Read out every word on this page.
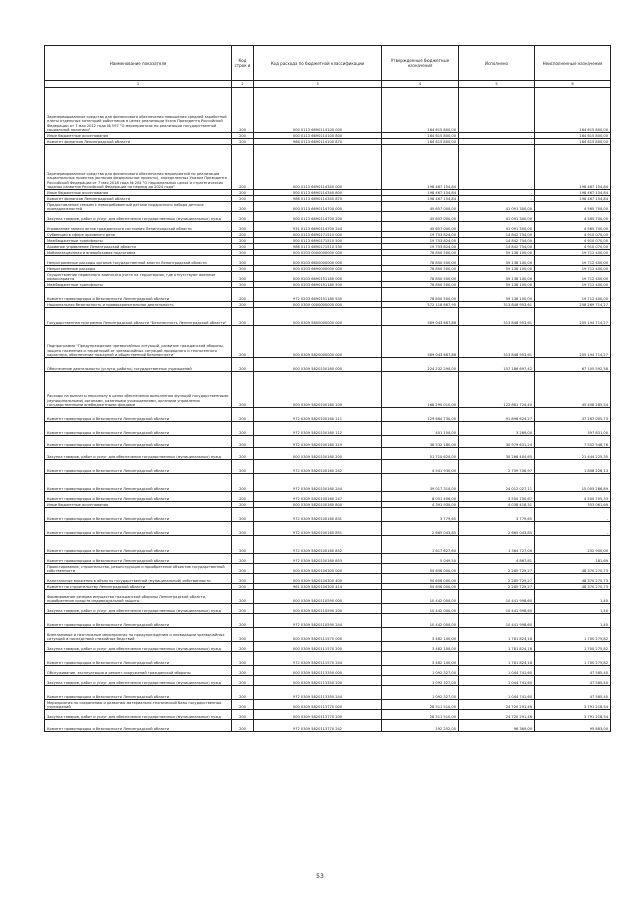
Наименование показателя	Код строк и	Код расхода по бюджетной классификации	Утвержденные бюджетные назначения	Исполнено	Неисполненные назначения
1	2	3	4	5	6
Зарезервированные средства для финансового обеспечения повышения средней заработной платы отдельных категорий работников в целях реализации Указа Президента Российской Федерации от 7 мая 2012 года № 597 "О мероприятиях по реализации государственной социальной политики"	200	000 0113 6690114100 000	164 615 800,00	-	164 615 800,00
Иные бюджетные ассигнования	200	000 0113 6690114100 800	164 615 800,00	-	164 615 800,00
Комитет финансов Ленинградской области	200	986 0113 6690114100 870	164 615 800,00	-	164 615 800,00
Зарезервированные средства для финансового обеспечения мероприятий по реализации национальных проектов (включая федеральные проекты), определенных Указом Президента Российской Федерации от 7 мая 2018 года № 204 "О национальных целях и стратегических задачах развития Российской Федерации на период до 2024 года"	200	000 0113 6690114340 000	198 467 154,84	-	198 467 154,84
Иные бюджетные ассигнования	200	000 0113 6690114340 800	198 467 154,84	-	198 467 154,84
Комитет финансов Ленинградской области	200	986 0113 6690114340 870	198 467 154,84	-	198 467 154,84
Предоставление семьям с невосребованный детьми подарочного набора детских принадлежностей	200	000 0113 6690114700 000	45 657 000,00	41 091 300,00	4 565 700,00
Закупка товаров, работ и услуг для обеспечения государственных (муниципальных) нужд	200	000 0113 6690114700 200	45 657 000,00	41 091 300,00	4 565 700,00
Управление записи актов гражданского состояния Ленинградской области	200	931 0113 6690114700 244	45 657 000,00	41 091 300,00	4 565 700,00
Субвенции в сфере архивного дела	200	000 0113 6690171510 000	19 753 824,00	14 842 754,00	4 910 070,00
Межбюджетные трансферты	200	000 0113 6690171510 500	19 753 824,00	14 842 754,00	4 910 070,00
Архивное управление Ленинградской области	200	986 0113 6690171510 530	19 753 824,00	14 842 754,00	4 910 070,00
Мобилизационная и вневойсковая подготовка	200	000 0203 0000000000 000	78 850 500,00	59 138 100,00	19 712 400,00
Непрограммные расходы органов государственной власти Ленинградской области	200	000 0203 6600000000 000	78 850 500,00	59 138 100,00	19 712 400,00
Непрограммные расходы	200	000 0203 6690000000 000	78 850 500,00	59 138 100,00	19 712 400,00
Осуществление первичного воинского учета на территориях, где отсутствуют военные комиссариаты	200	000 0203 6690151180 000	78 850 500,00	59 138 100,00	19 712 400,00
Межбюджетные трансферты	200	000 0203 6690151180 500	78 850 500,00	59 138 100,00	19 712 400,00
Комитет правопорядка и безопасности Ленинградской области	200	972 0203 6690151180 530	78 850 500,00	59 138 100,00	19 712 400,00
Национальная безопасность и правоохранительная деятельность	200	000 0300 0000000000 000	572 118 667,95	313 848 953,61	258 269 714,27
Государственная программа Ленинградской области "Безопасность Ленинградской области"	200	000 0309 5800000000 000	569 043 667,88	313 848 953,61	255 194 714,27
Подпрограмма "Предупреждение чрезвычайных ситуаций, развитие гражданской обороны, защита населения и территорий от чрезвычайных ситуаций природного и техногенного характера, обеспечение пожарной и общественной безопасности"	200	000 0309 5820000000 000	569 043 667,88	313 848 953,61	255 194 714,27
Обеспечение деятельности (услуги, работы) государственных учреждений	200	000 0309 5820100160 000	224 232 290,00	157 186 697,42	67 105 592,58
Расходы на выплаты персоналу в целях обеспечения выполнения функций государственными (муниципальными) органами, казенными учреждениями, органами управления государственными внебюджетными фондами	200	000 0309 5820100160 100	168 290 010,00	122 881 724,40	45 408 285,54
Комитет правопорядка и безопасности Ленинградской области	200	972 0309 5820100160 111	129 664 730,00	91 896 624,27	37 167 005,73
Комитет правопорядка и безопасности Ленинградской области	200	972 0309 5820100160 112	401 100,00	3 269,00	397 831,00
Комитет правопорядка и безопасности Ленинградской области	200	972 0309 5820100160 119	38 532 180,00	30 979 631,24	7 552 548,76
Закупка товаров, работ и услуг для обеспечения государственных (муниципальных) нужд	200	000 0309 5820100160 200	51 710 620,00	30 266 404,65	21 444 225,35
Комитет правопорядка и безопасности Ленинградской области	200	972 0309 5820100160 242	4 541 930,00	2 759 706,97	1 808 226,13
Комитет правопорядка и безопасности Ленинградской области	200	972 0309 5820100160 244	39 017 310,00	24 012 027,11	15 005 286,89
Комитет правопорядка и безопасности Ленинградской области	200	972 0309 5820100160 247	8 051 406,00	3 550 700,67	4 500 705,33
Иные бюджетные ассигнования	200	000 0309 5820100160 800	4 391 930,00	4 038 418,31	353 061,69
Комитет правопорядка и безопасности Ленинградской области	200	972 0309 5820100160 831	3 779,65	3 779,65	-
Комитет правопорядка и безопасности Ленинградской области	200	972 0309 5820100160 851	2 665 043,85	2 665 043,85	-
Комитет правопорядка и безопасности Ленинградской области	200	972 0309 5820100160 852	1 617 627,60	1 364 727,00	252 900,00
Комитет правопорядка и безопасности Ленинградской области	200	972 0309 5820100160 853	5 049,50	4 867,81	181,69
Проектирование, строительство, реконструкция и приобретение объектов государственной собственности	200	000 0309 5820104300 000	50 656 000,00	2 285 729,27	48 370 270,73
Капитальные вложения в объекты государственной (муниципальной) собственности	200	000 0309 5820104300 400	50 656 000,00	2 285 729,27	48 370 270,73
Комитет по строительству Ленинградской области	200	961 0309 5820104300 414	50 656 000,00	2 285 729,27	48 370 270,73
Формирование резерва имущества гражданской обороны Ленинградской области, приобретение средств индивидуальной защиты	200	000 0309 5820110590 000	10 442 000,00	10 441 998,60	1,40
Закупка товаров, работ и услуг для обеспечения государственных (муниципальных) нужд	200	000 0309 5820110590 200	10 442 000,00	10 441 998,60	1,40
Комитет правопорядка и безопасности Ленинградской области	200	972 0309 5820110590 244	10 442 000,00	10 441 998,60	1,40
Внеплановые и неотложные мероприятия по предупреждению и ликвидации чрезвычайных ситуаций и последствий стихийных бедствий	200	000 0309 5820111570 000	3 482 100,00	1 781 824,18	1 700 275,82
Закупка товаров, работ и услуг для обеспечения государственных (муниципальных) нужд	200	000 0309 5820111570 200	3 482 100,00	1 781 824,18	1 700 275,82
Комитет правопорядка и безопасности Ленинградской области	200	972 0309 5820111570 244	3 482 100,00	1 781 824,18	1 700 275,82
Обслуживание, эксплуатация и ремонт сооружений гражданской обороны	200	000 0309 5820113350 000	1 092 327,00	1 044 741,60	47 585,40
Закупка товаров, работ и услуг для обеспечения государственных (муниципальных) нужд	200	000 0309 5820113350 200	1 092 327,00	1 044 741,60	47 585,40
Комитет правопорядка и безопасности Ленинградской области	200	972 0309 5820113350 244	1 092 327,00	1 044 741,60	47 585,40
Мероприятия по сохранению и развитию материально-технической базы государственных учреждений	200	000 0309 5820113770 000	28 511 510,00	24 720 291,46	3 791 218,54
Закупка товаров, работ и услуг для обеспечения государственных (муниципальных) нужд	200	000 0309 5820113770 200	28 511 510,00	24 720 291,46	3 791 218,54
Комитет правопорядка и безопасности Ленинградской области	200	972 0309 5820113770 242	192 252,00	96 369,00	95 883,00
53
